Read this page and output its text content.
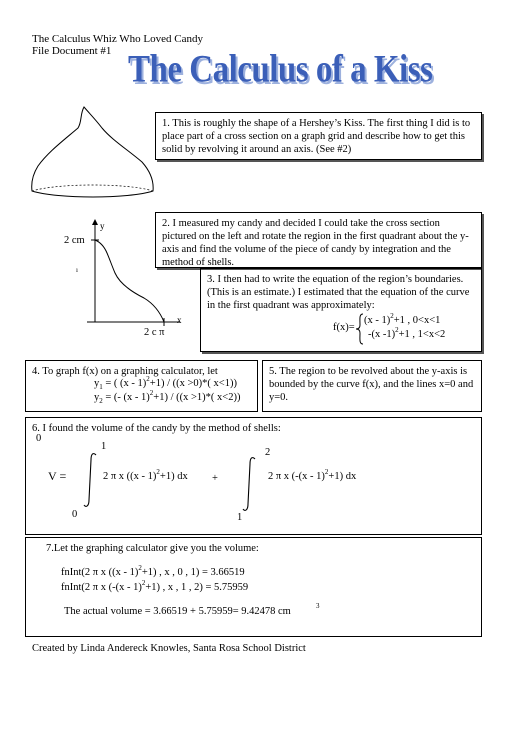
The Calculus Whiz Who Loved Candy
File Document #1 The Calculus of a Kiss
1. This is roughly the shape of a Hershey’s Kiss. The first thing I did is to place part of a cross section on a graph grid and describe how to get this solid by revolving it around an axis. (See #2)
y
x
2 cm
2 c π
ı
2. I measured my candy and decided I could take the cross section pictured on the left and rotate the region in the first quadrant about the y- axis and find the volume of the piece of candy by integration and the method of shells.
3. I then had to write the equation of the region’s boundaries. (This is an estimate.) I estimated that the equation of the curve in the first quadrant was approximately:
f(x)=
(x - 1)$^2$+1 , 0<x<1
-(x -1)$^2$+1 , 1<x<2
4. To graph f(x) on a graphing calculator, let
$y_1$ = ( (x - 1)$^2$+1) / ((x >0)*( x<1))
$y_2$ = (- (x - 1)$^2$+1) / ((x >1)*( x<2))
5. The region to be revolved about the y-axis is bounded by the curve f(x), and the lines x=0 and y=0.
6. I found the volume of the candy by the method of shells:
0
V =
1
0
2 π x ((x - 1)$^2$+1) dx +
2
1
2 π x (-(x - 1)$^2$+1) dx
7.Let the graphing calculator give you the volume:
fnInt(2 π x ((x - 1)$^2$+1) , x , 0 , 1) = 3.66519
fnInt(2 π x (-(x - 1)$^2$+1) , x , 1 , 2) = 5.75959
The actual volume = 3.66519 + 5.75959= 9.42478 cm	3
Created by Linda Andereck Knowles, Santa Rosa School District
